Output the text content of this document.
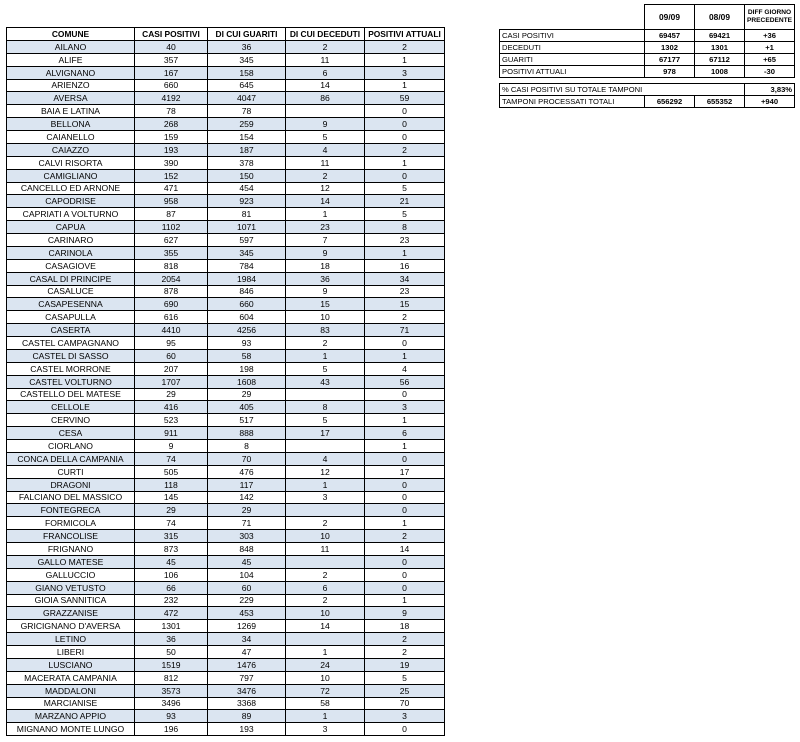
COMUNE	CASI POSITIVI	DI CUI GUARITI	DI CUI DECEDUTI	POSITIVI ATTUALI
AILANO	40	36	2	2
ALIFE	357	345	11	1
ALVIGNANO	167	158	6	3
ARIENZO	660	645	14	1
AVERSA	4192	4047	86	59
BAIA E LATINA	78	78		0
BELLONA	268	259	9	0
CAIANELLO	159	154	5	0
CAIAZZO	193	187	4	2
CALVI RISORTA	390	378	11	1
CAMIGLIANO	152	150	2	0
CANCELLO ED ARNONE	471	454	12	5
CAPODRISE	958	923	14	21
CAPRIATI A VOLTURNO	87	81	1	5
CAPUA	1102	1071	23	8
CARINARO	627	597	7	23
CARINOLA	355	345	9	1
CASAGIOVE	818	784	18	16
CASAL DI PRINCIPE	2054	1984	36	34
CASALUCE	878	846	9	23
CASAPESENNA	690	660	15	15
CASAPULLA	616	604	10	2
CASERTA	4410	4256	83	71
CASTEL CAMPAGNANO	95	93	2	0
CASTEL DI SASSO	60	58	1	1
CASTEL MORRONE	207	198	5	4
CASTEL VOLTURNO	1707	1608	43	56
CASTELLO DEL MATESE	29	29		0
CELLOLE	416	405	8	3
CERVINO	523	517	5	1
CESA	911	888	17	6
CIORLANO	9	8		1
CONCA DELLA CAMPANIA	74	70	4	0
CURTI	505	476	12	17
DRAGONI	118	117	1	0
FALCIANO DEL MASSICO	145	142	3	0
FONTEGRECA	29	29		0
FORMICOLA	74	71	2	1
FRANCOLISE	315	303	10	2
FRIGNANO	873	848	11	14
GALLO MATESE	45	45		0
GALLUCCIO	106	104	2	0
GIANO VETUSTO	66	60	6	0
GIOIA SANNITICA	232	229	2	1
GRAZZANISE	472	453	10	9
GRICIGNANO D'AVERSA	1301	1269	14	18
LETINO	36	34		2
LIBERI	50	47	1	2
LUSCIANO	1519	1476	24	19
MACERATA CAMPANIA	812	797	10	5
MADDALONI	3573	3476	72	25
MARCIANISE	3496	3368	58	70
MARZANO APPIO	93	89	1	3
MIGNANO MONTE LUNGO	196	193	3	0
	09/09	08/09	DIFF GIORNO PRECEDENTE
CASI POSITIVI	69457	69421	+36
DECEDUTI	1302	1301	+1
GUARITI	67177	67112	+65
POSITIVI ATTUALI	978	1008	-30

% CASI POSITIVI SU TOTALE TAMPONI			3,83%
TAMPONI PROCESSATI TOTALI	656292	655352	+940
